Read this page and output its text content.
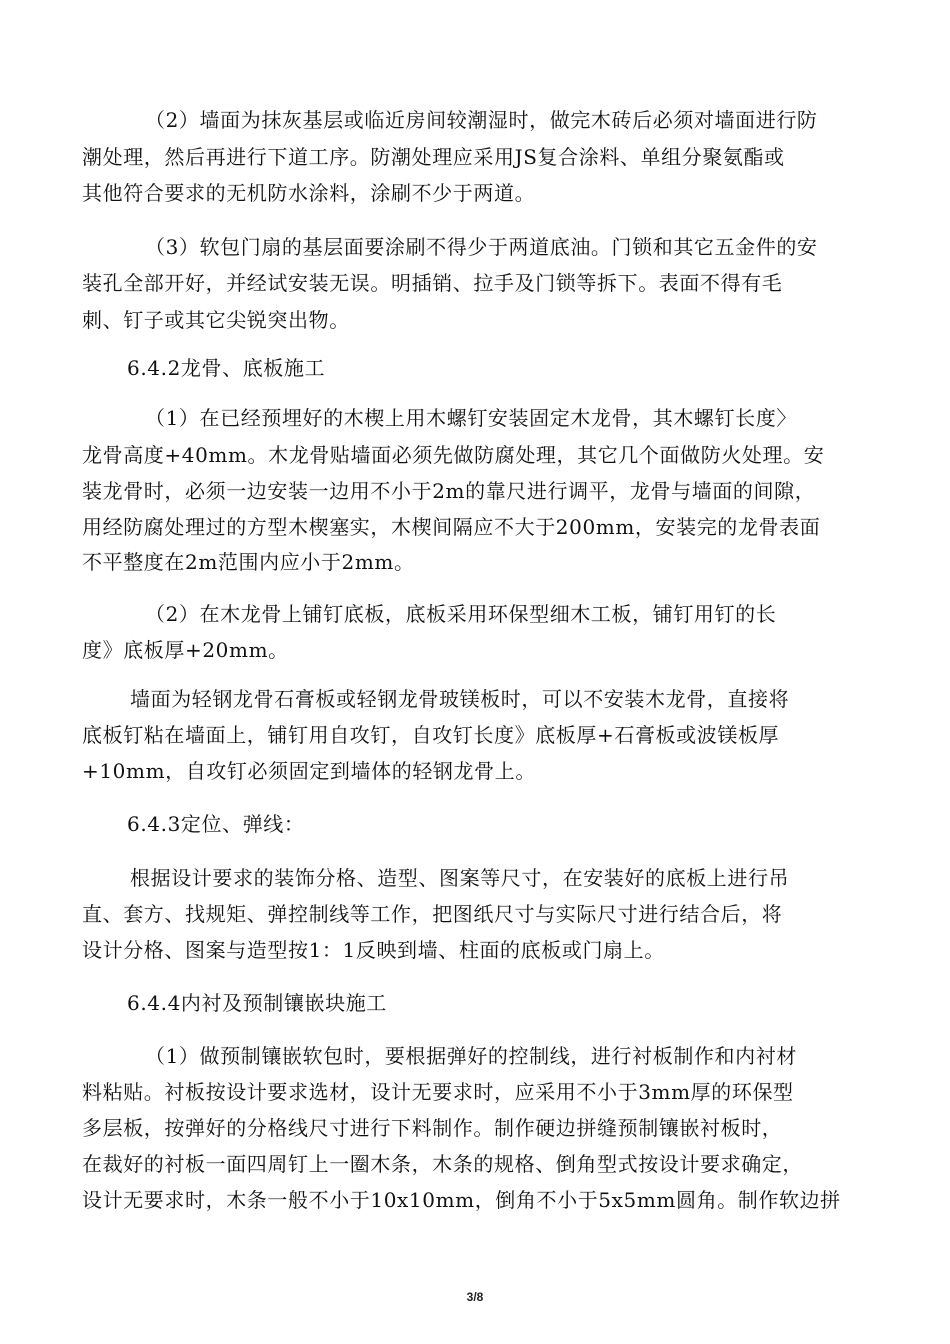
（2）墙面为抹灰基层或临近房间较潮湿时，做完木砖后必须对墙面进行防
潮处理，然后再进行下道工序。防潮处理应采用JS复合涂料、单组分聚氨酯或
其他符合要求的无机防水涂料，涂刷不少于两道。
（3）软包门扇的基层面要涂刷不得少于两道底油。门锁和其它五金件的安
装孔全部开好，并经试安装无误。明插销、拉手及门锁等拆下。表面不得有毛
刺、钉子或其它尖锐突出物。
6.4.2龙骨、底板施工
（1）在已经预埋好的木楔上用木螺钉安装固定木龙骨，其木螺钉长度〉
龙骨高度+40mm。木龙骨贴墙面必须先做防腐处理，其它几个面做防火处理。安
装龙骨时，必须一边安装一边用不小于2m的靠尺进行调平，龙骨与墙面的间隙，
用经防腐处理过的方型木楔塞实，木楔间隔应不大于200mm，安装完的龙骨表面
不平整度在2m范围内应小于2mm。
（2）在木龙骨上铺钉底板，底板采用环保型细木工板，铺钉用钉的长
度》底板厚+20mm。
墙面为轻钢龙骨石膏板或轻钢龙骨玻镁板时，可以不安装木龙骨，直接将
底板钉粘在墙面上，铺钉用自攻钉，自攻钉长度》底板厚+石膏板或波镁板厚
+10mm，自攻钉必须固定到墙体的轻钢龙骨上。
6.4.3定位、弹线：
根据设计要求的装饰分格、造型、图案等尺寸，在安装好的底板上进行吊
直、套方、找规矩、弹控制线等工作，把图纸尺寸与实际尺寸进行结合后，将
设计分格、图案与造型按1：1反映到墙、柱面的底板或门扇上。
6.4.4内衬及预制镶嵌块施工
（1）做预制镶嵌软包时，要根据弹好的控制线，进行衬板制作和内衬材
料粘贴。衬板按设计要求选材，设计无要求时，应采用不小于3mm厚的环保型
多层板，按弹好的分格线尺寸进行下料制作。制作硬边拼缝预制镶嵌衬板时，
在裁好的衬板一面四周钉上一圈木条，木条的规格、倒角型式按设计要求确定，
设计无要求时，木条一般不小于10x10mm，倒角不小于5x5mm圆角。制作软边拼
3/8
